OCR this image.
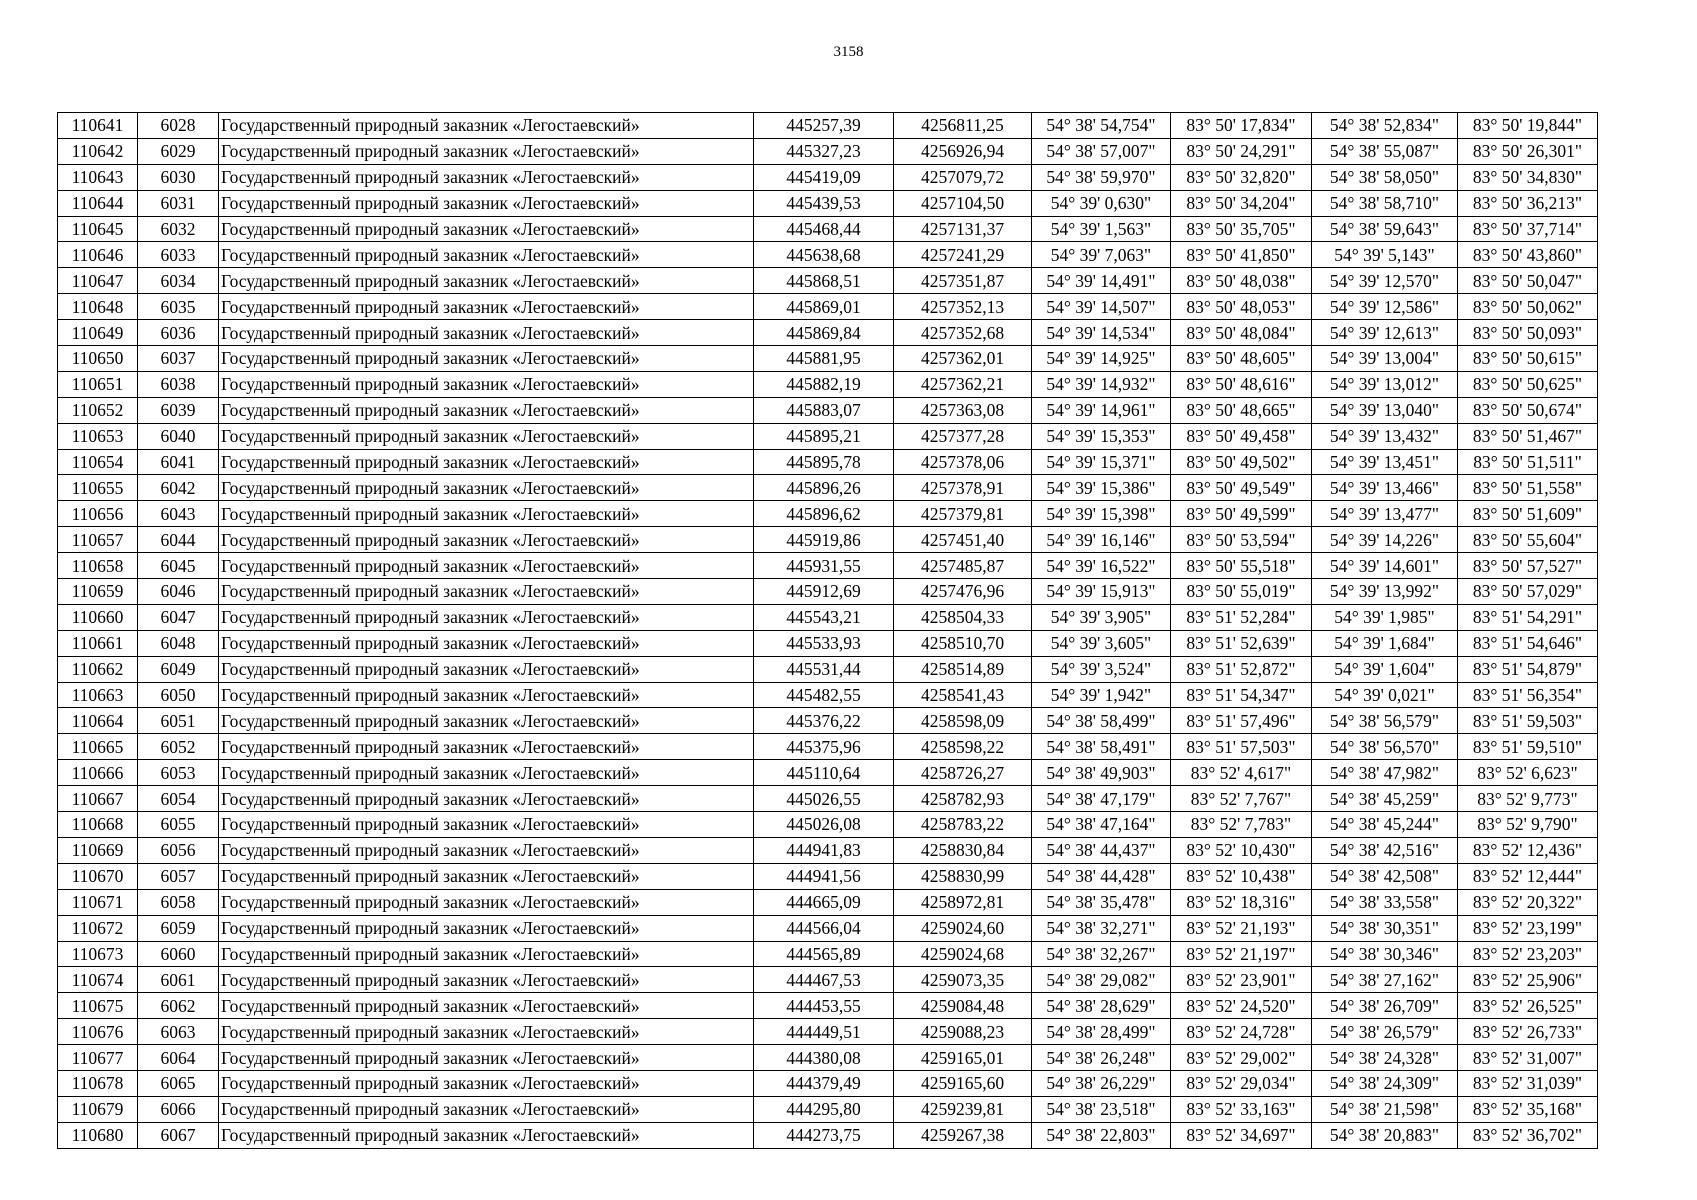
3158
110641	6028	Государственный природный заказник «Легостаевский»	445257,39	4256811,25	54° 38' 54,754"	83° 50' 17,834"	54° 38' 52,834"	83° 50' 19,844"
110642	6029	Государственный природный заказник «Легостаевский»	445327,23	4256926,94	54° 38' 57,007"	83° 50' 24,291"	54° 38' 55,087"	83° 50' 26,301"
110643	6030	Государственный природный заказник «Легостаевский»	445419,09	4257079,72	54° 38' 59,970"	83° 50' 32,820"	54° 38' 58,050"	83° 50' 34,830"
110644	6031	Государственный природный заказник «Легостаевский»	445439,53	4257104,50	54° 39' 0,630"	83° 50' 34,204"	54° 38' 58,710"	83° 50' 36,213"
110645	6032	Государственный природный заказник «Легостаевский»	445468,44	4257131,37	54° 39' 1,563"	83° 50' 35,705"	54° 38' 59,643"	83° 50' 37,714"
110646	6033	Государственный природный заказник «Легостаевский»	445638,68	4257241,29	54° 39' 7,063"	83° 50' 41,850"	54° 39' 5,143"	83° 50' 43,860"
110647	6034	Государственный природный заказник «Легостаевский»	445868,51	4257351,87	54° 39' 14,491"	83° 50' 48,038"	54° 39' 12,570"	83° 50' 50,047"
110648	6035	Государственный природный заказник «Легостаевский»	445869,01	4257352,13	54° 39' 14,507"	83° 50' 48,053"	54° 39' 12,586"	83° 50' 50,062"
110649	6036	Государственный природный заказник «Легостаевский»	445869,84	4257352,68	54° 39' 14,534"	83° 50' 48,084"	54° 39' 12,613"	83° 50' 50,093"
110650	6037	Государственный природный заказник «Легостаевский»	445881,95	4257362,01	54° 39' 14,925"	83° 50' 48,605"	54° 39' 13,004"	83° 50' 50,615"
110651	6038	Государственный природный заказник «Легостаевский»	445882,19	4257362,21	54° 39' 14,932"	83° 50' 48,616"	54° 39' 13,012"	83° 50' 50,625"
110652	6039	Государственный природный заказник «Легостаевский»	445883,07	4257363,08	54° 39' 14,961"	83° 50' 48,665"	54° 39' 13,040"	83° 50' 50,674"
110653	6040	Государственный природный заказник «Легостаевский»	445895,21	4257377,28	54° 39' 15,353"	83° 50' 49,458"	54° 39' 13,432"	83° 50' 51,467"
110654	6041	Государственный природный заказник «Легостаевский»	445895,78	4257378,06	54° 39' 15,371"	83° 50' 49,502"	54° 39' 13,451"	83° 50' 51,511"
110655	6042	Государственный природный заказник «Легостаевский»	445896,26	4257378,91	54° 39' 15,386"	83° 50' 49,549"	54° 39' 13,466"	83° 50' 51,558"
110656	6043	Государственный природный заказник «Легостаевский»	445896,62	4257379,81	54° 39' 15,398"	83° 50' 49,599"	54° 39' 13,477"	83° 50' 51,609"
110657	6044	Государственный природный заказник «Легостаевский»	445919,86	4257451,40	54° 39' 16,146"	83° 50' 53,594"	54° 39' 14,226"	83° 50' 55,604"
110658	6045	Государственный природный заказник «Легостаевский»	445931,55	4257485,87	54° 39' 16,522"	83° 50' 55,518"	54° 39' 14,601"	83° 50' 57,527"
110659	6046	Государственный природный заказник «Легостаевский»	445912,69	4257476,96	54° 39' 15,913"	83° 50' 55,019"	54° 39' 13,992"	83° 50' 57,029"
110660	6047	Государственный природный заказник «Легостаевский»	445543,21	4258504,33	54° 39' 3,905"	83° 51' 52,284"	54° 39' 1,985"	83° 51' 54,291"
110661	6048	Государственный природный заказник «Легостаевский»	445533,93	4258510,70	54° 39' 3,605"	83° 51' 52,639"	54° 39' 1,684"	83° 51' 54,646"
110662	6049	Государственный природный заказник «Легостаевский»	445531,44	4258514,89	54° 39' 3,524"	83° 51' 52,872"	54° 39' 1,604"	83° 51' 54,879"
110663	6050	Государственный природный заказник «Легостаевский»	445482,55	4258541,43	54° 39' 1,942"	83° 51' 54,347"	54° 39' 0,021"	83° 51' 56,354"
110664	6051	Государственный природный заказник «Легостаевский»	445376,22	4258598,09	54° 38' 58,499"	83° 51' 57,496"	54° 38' 56,579"	83° 51' 59,503"
110665	6052	Государственный природный заказник «Легостаевский»	445375,96	4258598,22	54° 38' 58,491"	83° 51' 57,503"	54° 38' 56,570"	83° 51' 59,510"
110666	6053	Государственный природный заказник «Легостаевский»	445110,64	4258726,27	54° 38' 49,903"	83° 52' 4,617"	54° 38' 47,982"	83° 52' 6,623"
110667	6054	Государственный природный заказник «Легостаевский»	445026,55	4258782,93	54° 38' 47,179"	83° 52' 7,767"	54° 38' 45,259"	83° 52' 9,773"
110668	6055	Государственный природный заказник «Легостаевский»	445026,08	4258783,22	54° 38' 47,164"	83° 52' 7,783"	54° 38' 45,244"	83° 52' 9,790"
110669	6056	Государственный природный заказник «Легостаевский»	444941,83	4258830,84	54° 38' 44,437"	83° 52' 10,430"	54° 38' 42,516"	83° 52' 12,436"
110670	6057	Государственный природный заказник «Легостаевский»	444941,56	4258830,99	54° 38' 44,428"	83° 52' 10,438"	54° 38' 42,508"	83° 52' 12,444"
110671	6058	Государственный природный заказник «Легостаевский»	444665,09	4258972,81	54° 38' 35,478"	83° 52' 18,316"	54° 38' 33,558"	83° 52' 20,322"
110672	6059	Государственный природный заказник «Легостаевский»	444566,04	4259024,60	54° 38' 32,271"	83° 52' 21,193"	54° 38' 30,351"	83° 52' 23,199"
110673	6060	Государственный природный заказник «Легостаевский»	444565,89	4259024,68	54° 38' 32,267"	83° 52' 21,197"	54° 38' 30,346"	83° 52' 23,203"
110674	6061	Государственный природный заказник «Легостаевский»	444467,53	4259073,35	54° 38' 29,082"	83° 52' 23,901"	54° 38' 27,162"	83° 52' 25,906"
110675	6062	Государственный природный заказник «Легостаевский»	444453,55	4259084,48	54° 38' 28,629"	83° 52' 24,520"	54° 38' 26,709"	83° 52' 26,525"
110676	6063	Государственный природный заказник «Легостаевский»	444449,51	4259088,23	54° 38' 28,499"	83° 52' 24,728"	54° 38' 26,579"	83° 52' 26,733"
110677	6064	Государственный природный заказник «Легостаевский»	444380,08	4259165,01	54° 38' 26,248"	83° 52' 29,002"	54° 38' 24,328"	83° 52' 31,007"
110678	6065	Государственный природный заказник «Легостаевский»	444379,49	4259165,60	54° 38' 26,229"	83° 52' 29,034"	54° 38' 24,309"	83° 52' 31,039"
110679	6066	Государственный природный заказник «Легостаевский»	444295,80	4259239,81	54° 38' 23,518"	83° 52' 33,163"	54° 38' 21,598"	83° 52' 35,168"
110680	6067	Государственный природный заказник «Легостаевский»	444273,75	4259267,38	54° 38' 22,803"	83° 52' 34,697"	54° 38' 20,883"	83° 52' 36,702"
